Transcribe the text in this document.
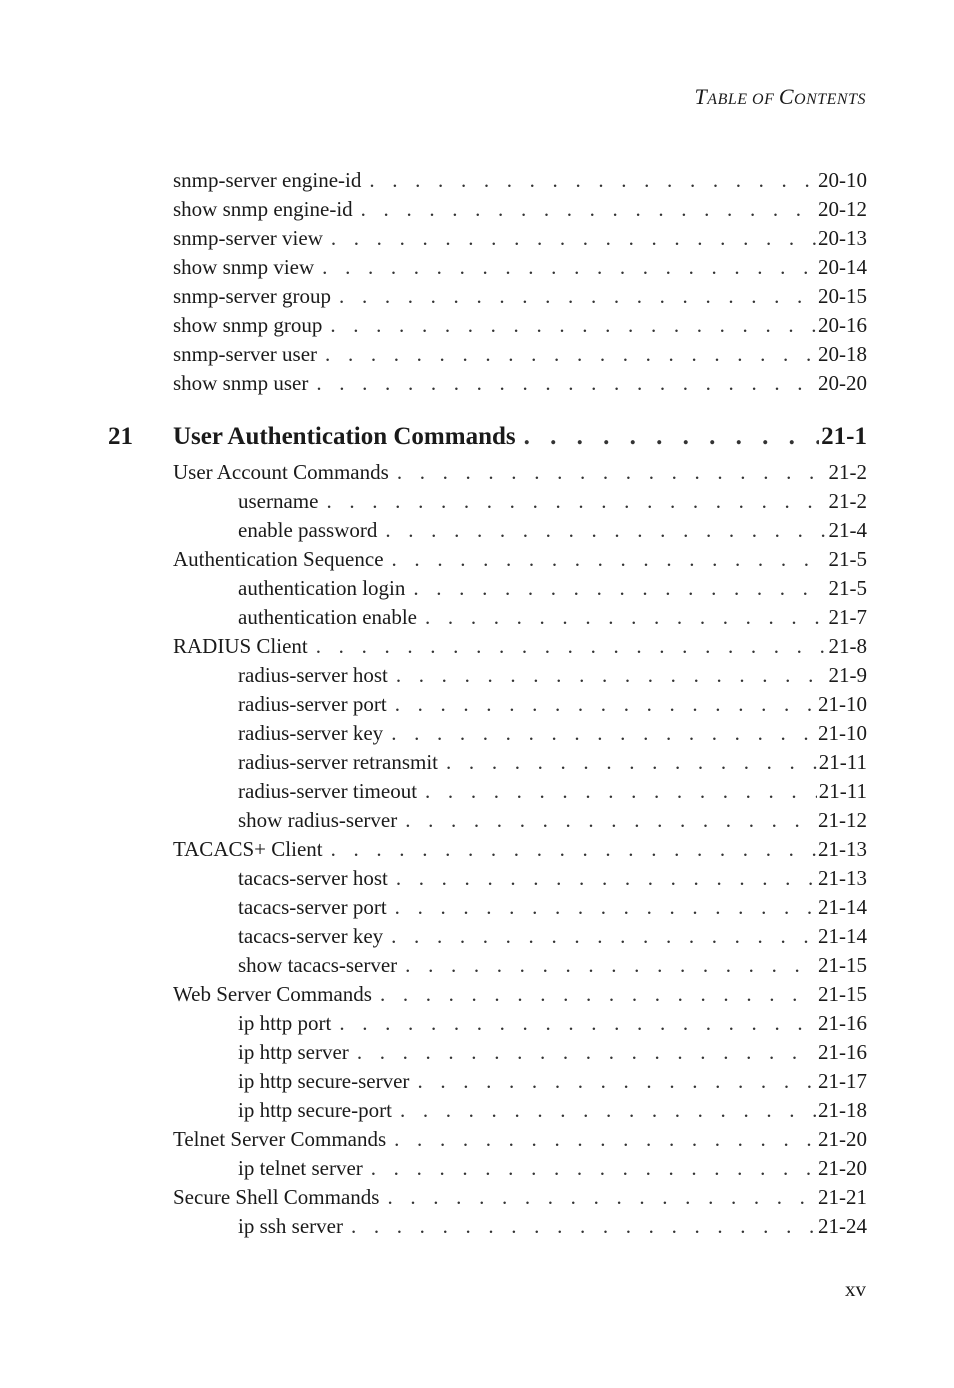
TABLE OF CONTENTS
snmp-server engine-id . . .	20-10
show snmp engine-id . . .	20-12
snmp-server view . . .	20-13
show snmp view . . .	20-14
snmp-server group . . .	20-15
show snmp group . . .	20-16
snmp-server user . . .	20-18
show snmp user . . .	20-20
21 User Authentication Commands . . .	21-1
User Account Commands . . .	21-2
username . . .	21-2
enable password . . .	21-4
Authentication Sequence . . .	21-5
authentication login . . .	21-5
authentication enable . . .	21-7
RADIUS Client . . .	21-8
radius-server host . . .	21-9
radius-server port . . .	21-10
radius-server key . . .	21-10
radius-server retransmit . . .	21-11
radius-server timeout . . .	21-11
show radius-server . . .	21-12
TACACS+ Client . . .	21-13
tacacs-server host . . .	21-13
tacacs-server port . . .	21-14
tacacs-server key . . .	21-14
show tacacs-server . . .	21-15
Web Server Commands . . .	21-15
ip http port . . .	21-16
ip http server . . .	21-16
ip http secure-server . . .	21-17
ip http secure-port . . .	21-18
Telnet Server Commands . . .	21-20
ip telnet server . . .	21-20
Secure Shell Commands . . .	21-21
ip ssh server . . .	21-24
xv
